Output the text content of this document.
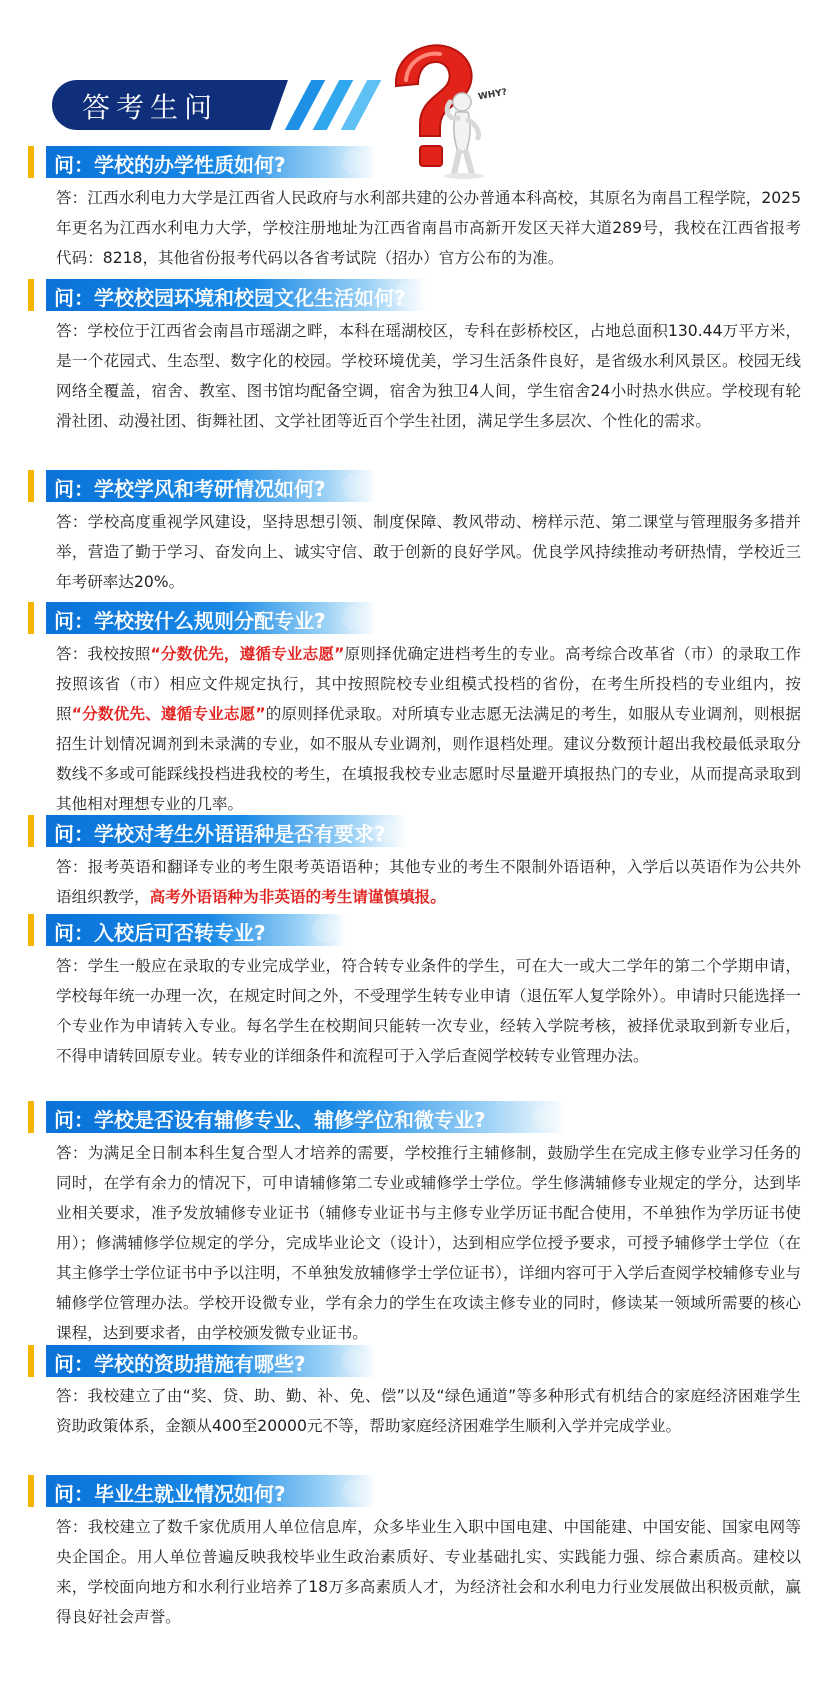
答考生问	WHY?
问：学校的办学性质如何?
答：江西水利电力大学是江西省人民政府与水利部共建的公办普通本科高校，其原名为南昌工程学院，2025年更名为江西水利电力大学，学校注册地址为江西省南昌市高新开发区天祥大道289号，我校在江西省报考代码：8218，其他省份报考代码以各省考试院（招办）官方公布的为准。
问：学校校园环境和校园文化生活如何?
答：学校位于江西省会南昌市瑶湖之畔，本科在瑶湖校区，专科在彭桥校区，占地总面积130.44万平方米，是一个花园式、生态型、数字化的校园。学校环境优美，学习生活条件良好，是省级水利风景区。校园无线网络全覆盖，宿舍、教室、图书馆均配备空调，宿舍为独卫4人间，学生宿舍24小时热水供应。学校现有轮滑社团、动漫社团、街舞社团、文学社团等近百个学生社团，满足学生多层次、个性化的需求。
问：学校学风和考研情况如何?
答：学校高度重视学风建设，坚持思想引领、制度保障、教风带动、榜样示范、第二课堂与管理服务多措并举，营造了勤于学习、奋发向上、诚实守信、敢于创新的良好学风。优良学风持续推动考研热情，学校近三年考研率达20%。
问：学校按什么规则分配专业?
答：我校按照“分数优先，遵循专业志愿”原则择优确定进档考生的专业。高考综合改革省（市）的录取工作按照该省（市）相应文件规定执行，其中按照院校专业组模式投档的省份，在考生所投档的专业组内，按照“分数优先、遵循专业志愿”的原则择优录取。对所填专业志愿无法满足的考生，如服从专业调剂，则根据招生计划情况调剂到未录满的专业，如不服从专业调剂，则作退档处理。建议分数预计超出我校最低录取分数线不多或可能踩线投档进我校的考生，在填报我校专业志愿时尽量避开填报热门的专业，从而提高录取到其他相对理想专业的几率。
问：学校对考生外语语种是否有要求?
答：报考英语和翻译专业的考生限考英语语种；其他专业的考生不限制外语语种，入学后以英语作为公共外语组织教学，高考外语语种为非英语的考生请谨慎填报。
问：入校后可否转专业?
答：学生一般应在录取的专业完成学业，符合转专业条件的学生，可在大一或大二学年的第二个学期申请，学校每年统一办理一次，在规定时间之外，不受理学生转专业申请（退伍军人复学除外）。申请时只能选择一个专业作为申请转入专业。每名学生在校期间只能转一次专业，经转入学院考核，被择优录取到新专业后，不得申请转回原专业。转专业的详细条件和流程可于入学后查阅学校转专业管理办法。
问：学校是否设有辅修专业、辅修学位和微专业?
答：为满足全日制本科生复合型人才培养的需要，学校推行主辅修制，鼓励学生在完成主修专业学习任务的同时，在学有余力的情况下，可申请辅修第二专业或辅修学士学位。学生修满辅修专业规定的学分，达到毕业相关要求，准予发放辅修专业证书（辅修专业证书与主修专业学历证书配合使用，不单独作为学历证书使用）；修满辅修学位规定的学分，完成毕业论文（设计），达到相应学位授予要求，可授予辅修学士学位（在其主修学士学位证书中予以注明，不单独发放辅修学士学位证书），详细内容可于入学后查阅学校辅修专业与辅修学位管理办法。学校开设微专业，学有余力的学生在攻读主修专业的同时，修读某一领域所需要的核心课程，达到要求者，由学校颁发微专业证书。
问：学校的资助措施有哪些?
答：我校建立了由“奖、贷、助、勤、补、免、偿”以及“绿色通道”等多种形式有机结合的家庭经济困难学生资助政策体系，金额从400至20000元不等，帮助家庭经济困难学生顺利入学并完成学业。
问：毕业生就业情况如何?
答：我校建立了数千家优质用人单位信息库，众多毕业生入职中国电建、中国能建、中国安能、国家电网等央企国企。用人单位普遍反映我校毕业生政治素质好、专业基础扎实、实践能力强、综合素质高。建校以来，学校面向地方和水利行业培养了18万多高素质人才，为经济社会和水利电力行业发展做出积极贡献，赢得良好社会声誉。
